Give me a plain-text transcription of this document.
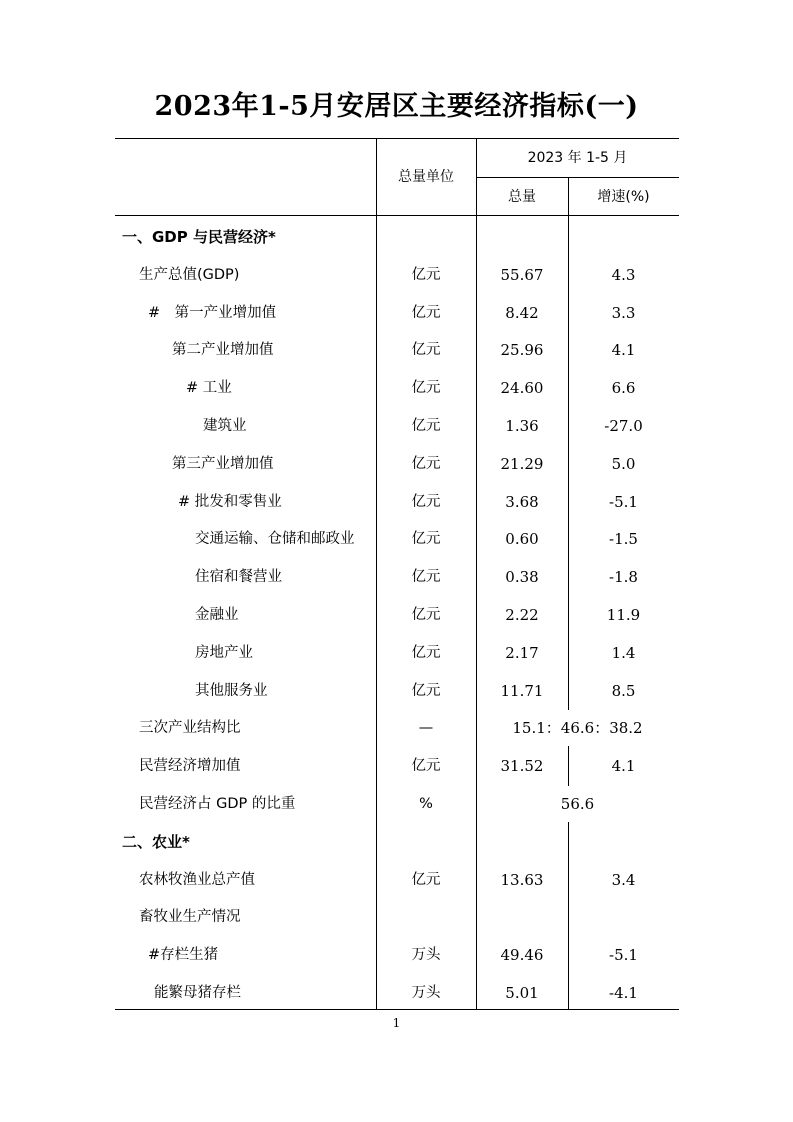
2023年1-5月安居区主要经济指标(一)
总量单位
2023 年 1-5 月
总量	增速(%)
一、GDP 与民营经济*
生产总值(GDP)	亿元	55.67	4.3
#　第一产业增加值	亿元	8.42	3.3
第二产业增加值	亿元	25.96	4.1
# 工业	亿元	24.60	6.6
建筑业	亿元	1.36	-27.0
第三产业增加值	亿元	21.29	5.0
# 批发和零售业	亿元	3.68	-5.1
交通运输、仓储和邮政业	亿元	0.60	-1.5
住宿和餐营业	亿元	0.38	-1.8
金融业	亿元	2.22	11.9
房地产业	亿元	2.17	1.4
其他服务业	亿元	11.71	8.5
三次产业结构比	—	15.1：46.6：38.2
民营经济增加值	亿元	31.52	4.1
民营经济占 GDP 的比重	%	56.6
二、农业*
农林牧渔业总产值	亿元	13.63	3.4
畜牧业生产情况
#存栏生猪	万头	49.46	-5.1
能繁母猪存栏	万头	5.01	-4.1
1
